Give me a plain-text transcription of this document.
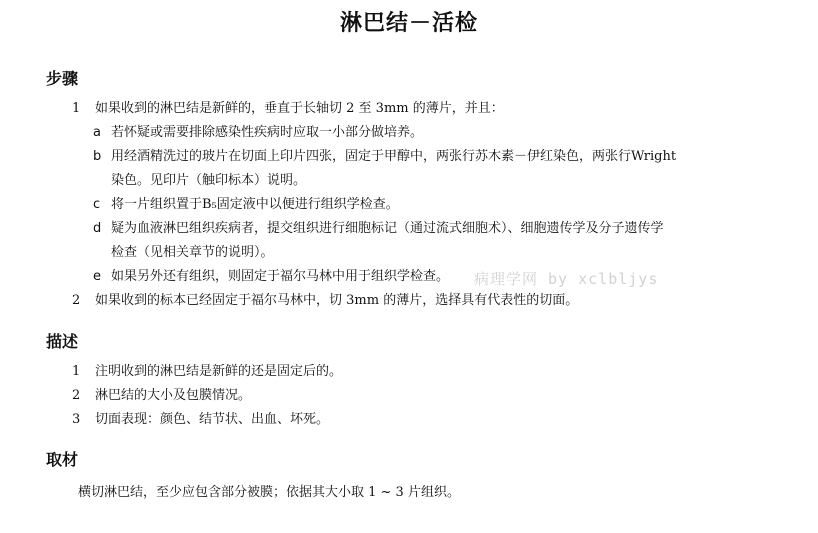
淋巴结－活检
步骤
1 如果收到的淋巴结是新鲜的，垂直于长轴切 2 至 3mm 的薄片，并且：
a 若怀疑或需要排除感染性疾病时应取一小部分做培养。
b 用经酒精洗过的玻片在切面上印片四张，固定于甲醇中，两张行苏木素－伊红染色，两张行Wright
染色。见印片（触印标本）说明。
c 将一片组织置于B₅固定液中以便进行组织学检查。
d 疑为血液淋巴组织疾病者，提交组织进行细胞标记（通过流式细胞术）、细胞遗传学及分子遗传学
检查（见相关章节的说明）。
e 如果另外还有组织，则固定于福尔马林中用于组织学检查。
2 如果收到的标本已经固定于福尔马林中，切 3mm 的薄片，选择具有代表性的切面。
描述
1 注明收到的淋巴结是新鲜的还是固定后的。
2 淋巴结的大小及包膜情况。
3 切面表现：颜色、结节状、出血、坏死。
取材
横切淋巴结，至少应包含部分被膜；依据其大小取 1 ~ 3 片组织。
病理学网 by xclbljys
